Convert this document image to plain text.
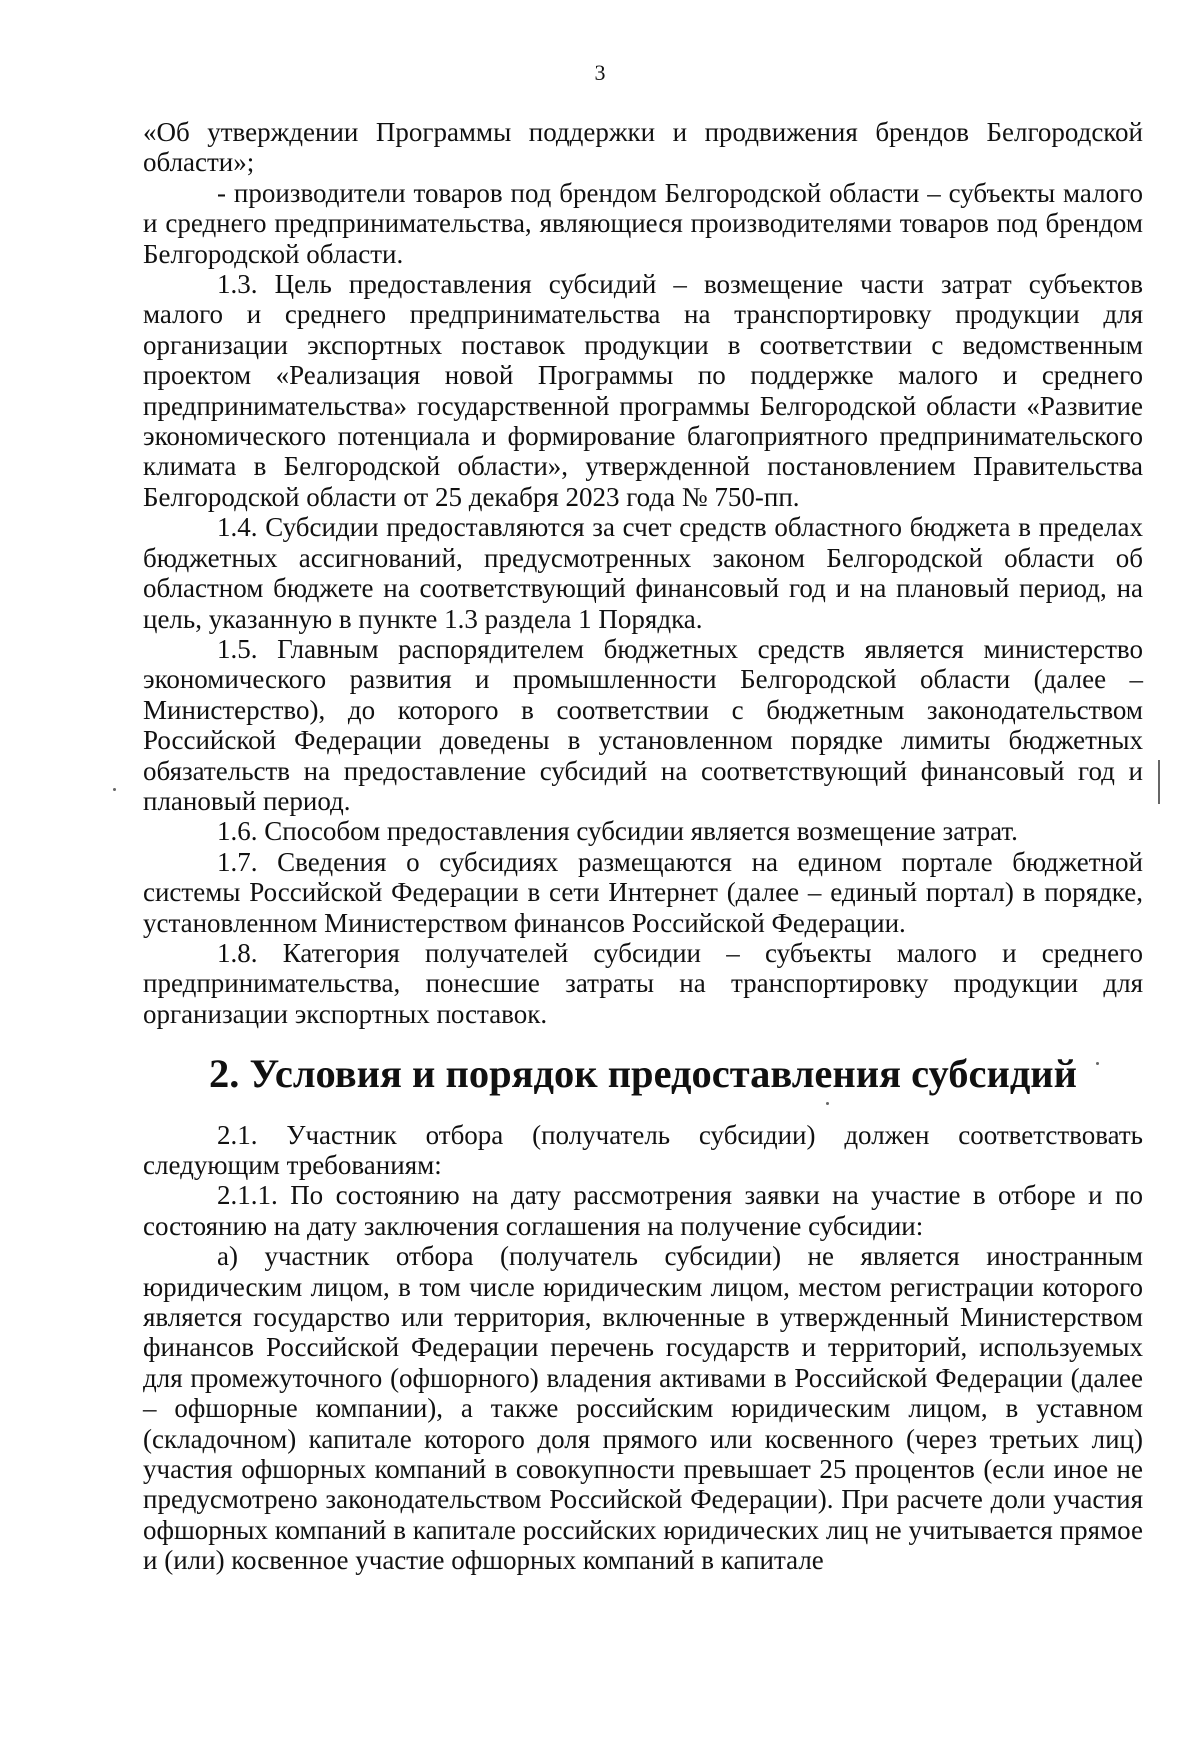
3

«Об утверждении Программы поддержки и продвижения брендов Белгородской области»;

- производители товаров под брендом Белгородской области – субъекты малого и среднего предпринимательства, являющиеся производителями товаров под брендом Белгородской области.

1.3. Цель предоставления субсидий – возмещение части затрат субъектов малого и среднего предпринимательства на транспортировку продукции для организации экспортных поставок продукции в соответствии с ведомственным проектом «Реализация новой Программы по поддержке малого и среднего предпринимательства» государственной программы Белгородской области «Развитие экономического потенциала и формирование благоприятного предпринимательского климата в Белгородской области», утвержденной постановлением Правительства Белгородской области от 25 декабря 2023 года № 750-пп.

1.4. Субсидии предоставляются за счет средств областного бюджета в пределах бюджетных ассигнований, предусмотренных законом Белгородской области об областном бюджете на соответствующий финансовый год и на плановый период, на цель, указанную в пункте 1.3 раздела 1 Порядка.

1.5. Главным распорядителем бюджетных средств является министерство экономического развития и промышленности Белгородской области (далее – Министерство), до которого в соответствии с бюджетным законодательством Российской Федерации доведены в установленном порядке лимиты бюджетных обязательств на предоставление субсидий на соответствующий финансовый год и плановый период.

1.6. Способом предоставления субсидии является возмещение затрат.

1.7. Сведения о субсидиях размещаются на едином портале бюджетной системы Российской Федерации в сети Интернет (далее – единый портал) в порядке, установленном Министерством финансов Российской Федерации.

1.8. Категория получателей субсидии – субъекты малого и среднего предпринимательства, понесшие затраты на транспортировку продукции для организации экспортных поставок.

2. Условия и порядок предоставления субсидий

2.1. Участник отбора (получатель субсидии) должен соответствовать следующим требованиям:

2.1.1. По состоянию на дату рассмотрения заявки на участие в отборе и по состоянию на дату заключения соглашения на получение субсидии:

а) участник отбора (получатель субсидии) не является иностранным юридическим лицом, в том числе юридическим лицом, местом регистрации которого является государство или территория, включенные в утвержденный Министерством финансов Российской Федерации перечень государств и территорий, используемых для промежуточного (офшорного) владения активами в Российской Федерации (далее – офшорные компании), а также российским юридическим лицом, в уставном (складочном) капитале которого доля прямого или косвенного (через третьих лиц) участия офшорных компаний в совокупности превышает 25 процентов (если иное не предусмотрено законодательством Российской Федерации). При расчете доли участия офшорных компаний в капитале российских юридических лиц не учитывается прямое и (или) косвенное участие офшорных компаний в капитале
